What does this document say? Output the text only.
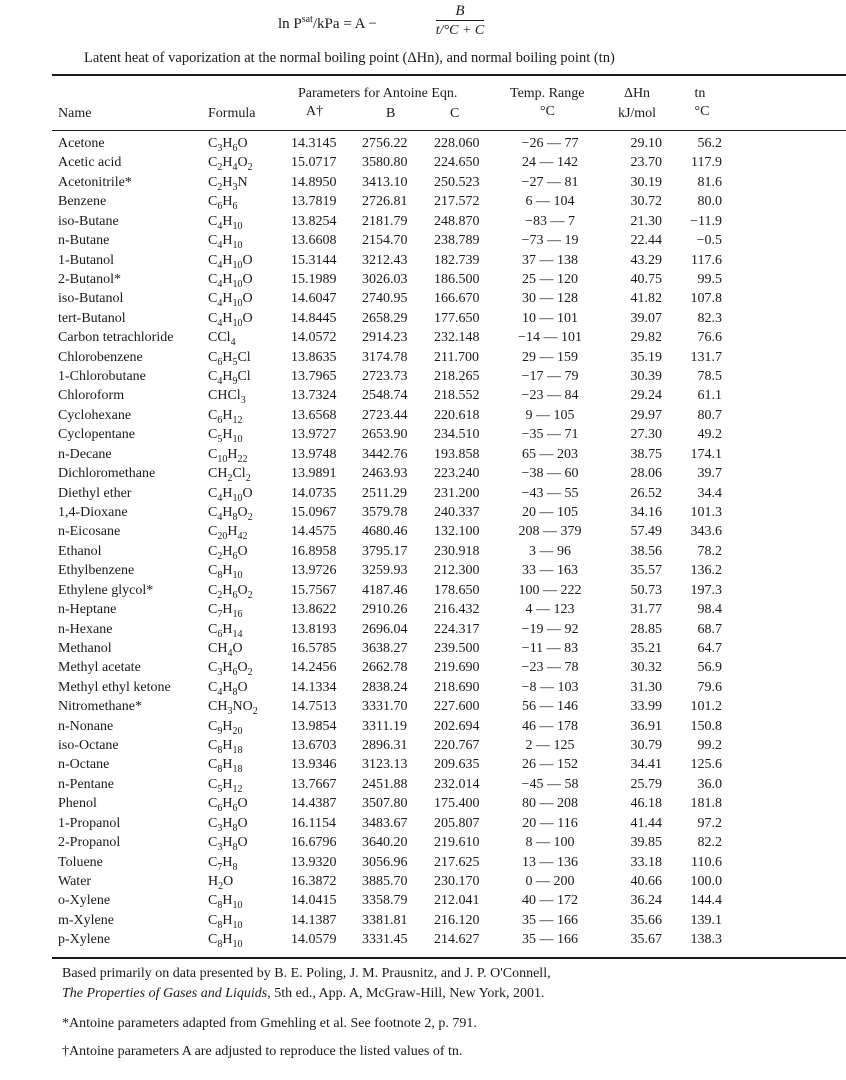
$\ln P^{sat}$/kPa = A −
B
t/°C + C
Latent heat of vaporization at the normal boiling point (ΔHn), and normal boiling point (tn)
Parameters for Antoine Eqn.	Temp. Range	ΔHn	tn
Name	Formula	A†	B	C	°C	kJ/mol	°C
Acetone	$C_3H_6O$	14.3145 2756.22 228.060	−26 — 77	29.10	56.2
Acetic acid	$C_2H_4O_2$	15.0717 3580.80 224.650	24 — 142	23.70	117.9
Acetonitrile*	$C_2H_3N$	14.8950 3413.10 250.523	−27 — 81	30.19	81.6
Benzene	$C_6H_6$	13.7819 2726.81 217.572	6 — 104	30.72	80.0
iso-Butane	$C_4H_{10}$	13.8254 2181.79 248.870	−83 — 7	21.30	−11.9
n-Butane	$C_4H_{10}$	13.6608 2154.70 238.789	−73 — 19	22.44	−0.5
1-Butanol	$C_4H_{10}O$	15.3144 3212.43 182.739	37 — 138	43.29	117.6
2-Butanol*	$C_4H_{10}O$	15.1989 3026.03 186.500	25 — 120	40.75	99.5
iso-Butanol	$C_4H_{10}O$	14.6047 2740.95 166.670	30 — 128	41.82	107.8
tert-Butanol	$C_4H_{10}O$	14.8445 2658.29 177.650	10 — 101	39.07	82.3
Carbon tetrachloride CCl$_4$	14.0572 2914.23 232.148	−14 — 101	29.82	76.6
Chlorobenzene	$C_6H_5Cl$	13.8635 3174.78 211.700	29 — 159	35.19	131.7
1-Chlorobutane	$C_4H_9Cl$	13.7965 2723.73 218.265	−17 — 79	30.39	78.5
Chloroform	CHCl$_3$	13.7324 2548.74 218.552	−23 — 84	29.24	61.1
Cyclohexane	$C_6H_{12}$	13.6568 2723.44 220.618	9 — 105	29.97	80.7
Cyclopentane	$C_5H_{10}$	13.9727 2653.90 234.510	−35 — 71	27.30	49.2
n-Decane	$C_{10}H_{22}$	13.9748 3442.76 193.858	65 — 203	38.75	174.1
Dichloromethane	$CH_2Cl_2$	13.9891 2463.93 223.240	−38 — 60	28.06	39.7
Diethyl ether	$C_4H_{10}O$	14.0735 2511.29 231.200	−43 — 55	26.52	34.4
1,4-Dioxane	$C_4H_8O_2$	15.0967 3579.78 240.337	20 — 105	34.16	101.3
n-Eicosane	$C_{20}H_{42}$	14.4575 4680.46 132.100	208 — 379	57.49	343.6
Ethanol	$C_2H_6O$	16.8958 3795.17 230.918	3 — 96	38.56	78.2
Ethylbenzene	$C_8H_{10}$	13.9726 3259.93 212.300	33 — 163	35.57	136.2
Ethylene glycol*	$C_2H_6O_2$	15.7567 4187.46 178.650	100 — 222	50.73	197.3
n-Heptane	$C_7H_{16}$	13.8622 2910.26 216.432	4 — 123	31.77	98.4
n-Hexane	$C_6H_{14}$	13.8193 2696.04 224.317	−19 — 92	28.85	68.7
Methanol	$CH_4O$	16.5785 3638.27 239.500	−11 — 83	35.21	64.7
Methyl acetate	$C_3H_6O_2$	14.2456 2662.78 219.690	−23 — 78	30.32	56.9
Methyl ethyl ketone	$C_4H_8O$	14.1334 2838.24 218.690	−8 — 103	31.30	79.6
Nitromethane*	$CH_3NO_2$ 14.7513 3331.70 227.600	56 — 146	33.99	101.2
n-Nonane	$C_9H_{20}$	13.9854 3311.19 202.694	46 — 178	36.91	150.8
iso-Octane	$C_8H_{18}$	13.6703 2896.31 220.767	2 — 125	30.79	99.2
n-Octane	$C_8H_{18}$	13.9346 3123.13 209.635	26 — 152	34.41	125.6
n-Pentane	$C_5H_{12}$	13.7667 2451.88 232.014	−45 — 58	25.79	36.0
Phenol	$C_6H_6O$	14.4387 3507.80 175.400	80 — 208	46.18	181.8
1-Propanol	$C_3H_8O$	16.1154 3483.67 205.807	20 — 116	41.44	97.2
2-Propanol	$C_3H_8O$	16.6796 3640.20 219.610	8 — 100	39.85	82.2
Toluene	$C_7H_8$	13.9320 3056.96 217.625	13 — 136	33.18	110.6
Water	$H_2O$	16.3872 3885.70 230.170	0 — 200	40.66	100.0
o-Xylene	$C_8H_{10}$	14.0415 3358.79 212.041	40 — 172	36.24	144.4
m-Xylene	$C_8H_{10}$	14.1387 3381.81 216.120	35 — 166	35.66	139.1
p-Xylene	$C_8H_{10}$	14.0579 3331.45 214.627	35 — 166	35.67	138.3
Based primarily on data presented by B. E. Poling, J. M. Prausnitz, and J. P. O'Connell,
The Properties of Gases and Liquids, 5th ed., App. A, McGraw-Hill, New York, 2001.
*Antoine parameters adapted from Gmehling et al. See footnote 2, p. 791.
†Antoine parameters A are adjusted to reproduce the listed values of tn.
